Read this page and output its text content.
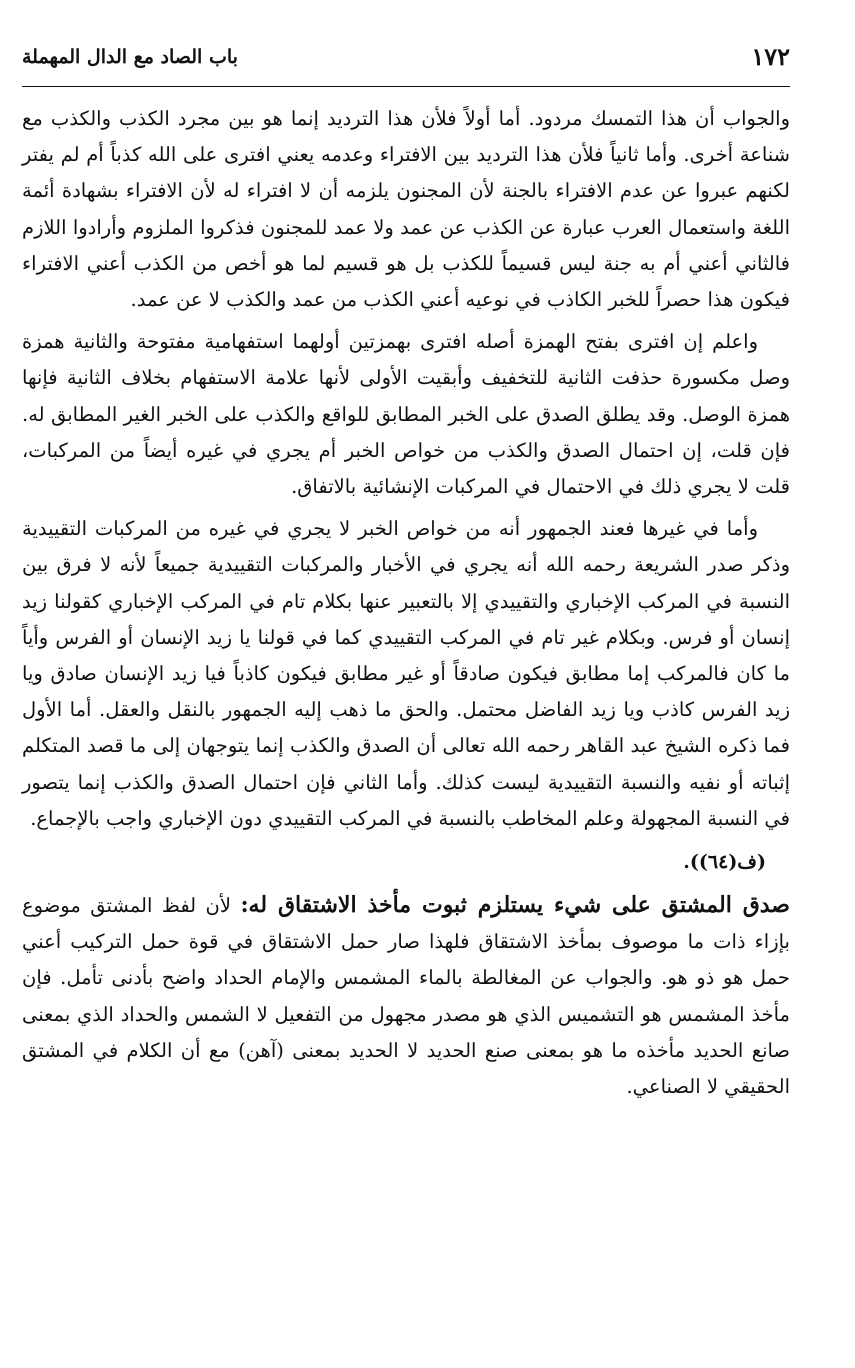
١٧٢
باب الصاد مع الدال المهملة

والجواب أن هذا التمسك مردود. أما أولاً فلأن هذا الترديد إنما هو بين مجرد الكذب والكذب مع شناعة أخرى. وأما ثانياً فلأن هذا الترديد بين الافتراء وعدمه يعني افترى على الله كذباً أم لم يفتر لكنهم عبروا عن عدم الافتراء بالجنة لأن المجنون يلزمه أن لا افتراء له لأن الافتراء بشهادة أئمة اللغة واستعمال العرب عبارة عن الكذب عن عمد ولا عمد للمجنون فذكروا الملزوم وأرادوا اللازم فالثاني أعني أم به جنة ليس قسيماً للكذب بل هو قسيم لما هو أخص من الكذب أعني الافتراء فيكون هذا حصراً للخبر الكاذب في نوعيه أعني الكذب من عمد والكذب لا عن عمد.

واعلم إن افترى بفتح الهمزة أصله افترى بهمزتين أولهما استفهامية مفتوحة والثانية همزة وصل مكسورة حذفت الثانية للتخفيف وأبقيت الأولى لأنها علامة الاستفهام بخلاف الثانية فإنها همزة الوصل. وقد يطلق الصدق على الخبر المطابق للواقع والكذب على الخبر الغير المطابق له. فإن قلت، إن احتمال الصدق والكذب من خواص الخبر أم يجري في غيره أيضاً من المركبات، قلت لا يجري ذلك في الاحتمال في المركبات الإنشائية بالاتفاق.

وأما في غيرها فعند الجمهور أنه من خواص الخبر لا يجري في غيره من المركبات التقييدية وذكر صدر الشريعة رحمه الله أنه يجري في الأخبار والمركبات التقييدية جميعاً لأنه لا فرق بين النسبة في المركب الإخباري والتقييدي إلا بالتعبير عنها بكلام تام في المركب الإخباري كقولنا زيد إنسان أو فرس. وبكلام غير تام في المركب التقييدي كما في قولنا يا زيد الإنسان أو الفرس وأياً ما كان فالمركب إما مطابق فيكون صادقاً أو غير مطابق فيكون كاذباً فيا زيد الإنسان صادق ويا زيد الفرس كاذب ويا زيد الفاضل محتمل. والحق ما ذهب إليه الجمهور بالنقل والعقل. أما الأول فما ذكره الشيخ عبد القاهر رحمه الله تعالى أن الصدق والكذب إنما يتوجهان إلى ما قصد المتكلم إثباته أو نفيه والنسبة التقييدية ليست كذلك. وأما الثاني فإن احتمال الصدق والكذب إنما يتصور في النسبة المجهولة وعلم المخاطب بالنسبة في المركب التقييدي دون الإخباري واجب بالإجماع.

(ف(٦٤)).

صدق المشتق على شيء يستلزم ثبوت مأخذ الاشتقاق له: لأن لفظ المشتق موضوع بإزاء ذات ما موصوف بمأخذ الاشتقاق فلهذا صار حمل الاشتقاق في قوة حمل التركيب أعني حمل هو ذو هو. والجواب عن المغالطة بالماء المشمس والإمام الحداد واضح بأدنى تأمل. فإن مأخذ المشمس هو التشميس الذي هو مصدر مجهول من التفعيل لا الشمس والحداد الذي بمعنى صانع الحديد مأخذه ما هو بمعنى صنع الحديد لا الحديد بمعنى (آهن) مع أن الكلام في المشتق الحقيقي لا الصناعي.
